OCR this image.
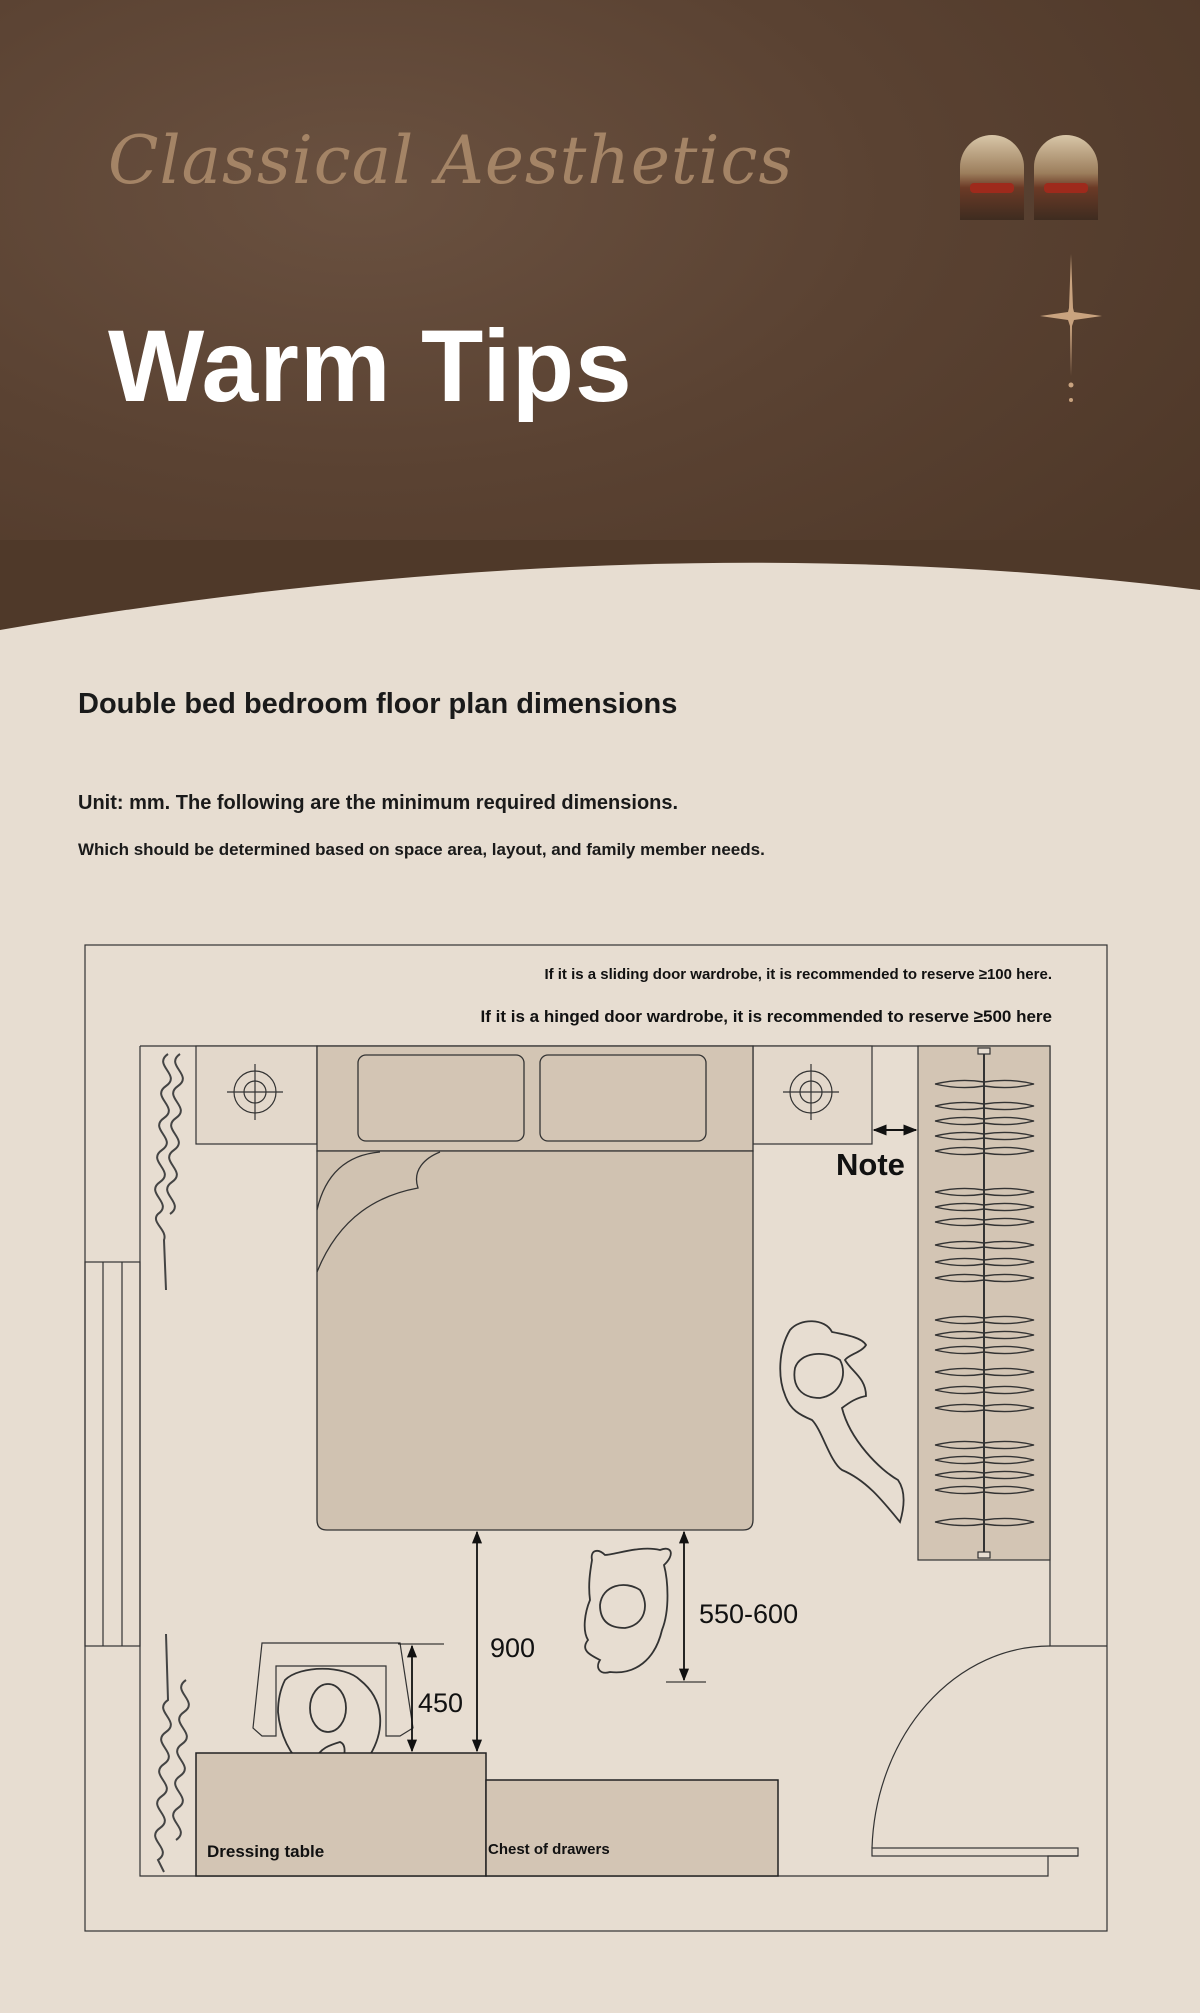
Classical Aesthetics
Warm Tips
Double bed bedroom floor plan dimensions
Unit: mm. The following are the minimum required dimensions.
Which should be determined based on space area, layout, and family member needs.
If it is a sliding door wardrobe, it is recommended to reserve ≥100 here.
If it is a hinged door wardrobe, it is recommended to reserve ≥500 here
Note
900
550-600
450
Dressing table	Chest of drawers
